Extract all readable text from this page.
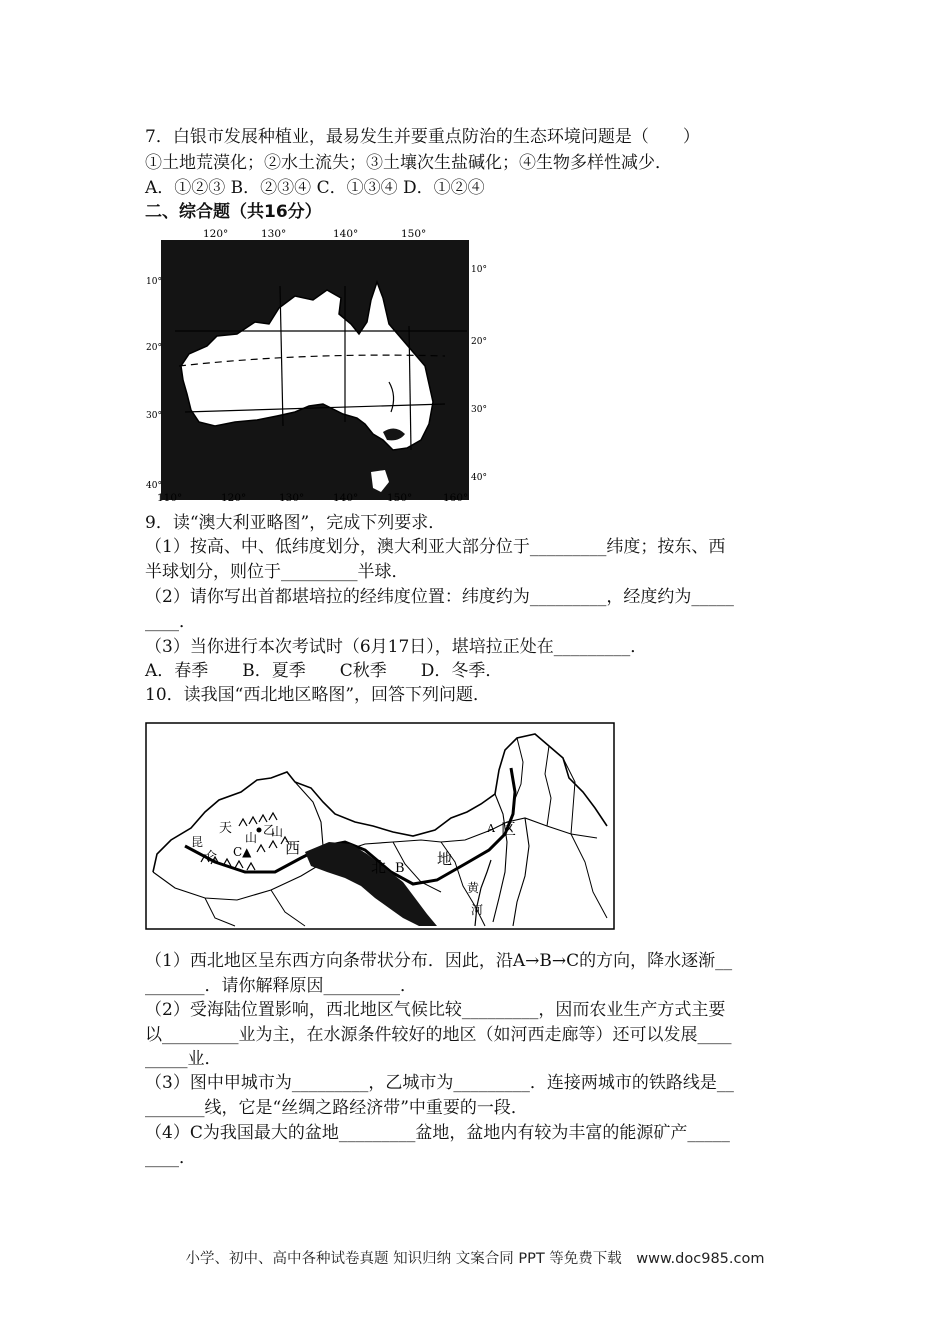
7．白银市发展种植业，最易发生并要重点防治的生态环境问题是（　　）
①土地荒漠化；②水土流失；③土壤次生盐碱化；④生物多样性减少．
A．①②③ B．②③④ C．①③④ D．①②④
二、综合题（共16分）
120°	130°	140°	150°
110°	120°	130°	140°	150°	160°
10°
20°
30°
40°
10°
20°
30°
40°
9．读“澳大利亚略图”，完成下列要求．
（1）按高、中、低纬度划分，澳大利亚大部分位于_________纬度；按东、西
半球划分，则位于_________半球．
（2）请你写出首都堪培拉的经纬度位置：纬度约为_________，经度约为_____
____．
（3）当你进行本次考试时（6月17日），堪培拉正处在_________．
A．春季　　B．夏季　　C秋季　　D．冬季．
10．读我国“西北地区略图”，回答下列问题．
乙
天
山 山
C▲ 西
北 B
地
区
A
黄
河
昆
仑
祁
连
山
（1）西北地区呈东西方向条带状分布．因此，沿A→B→C的方向，降水逐渐__
_______．请你解释原因_________．
（2）受海陆位置影响，西北地区气候比较_________，因而农业生产方式主要
以_________业为主，在水源条件较好的地区（如河西走廊等）还可以发展____
_____业．
（3）图中甲城市为_________，乙城市为_________．连接两城市的铁路线是__
_______线，它是“丝绸之路经济带”中重要的一段．
（4）C为我国最大的盆地_________盆地，盆地内有较为丰富的能源矿产_____
____．
小学、初中、高中各种试卷真题 知识归纳 文案合同 PPT 等免费下载　www.doc985.com
